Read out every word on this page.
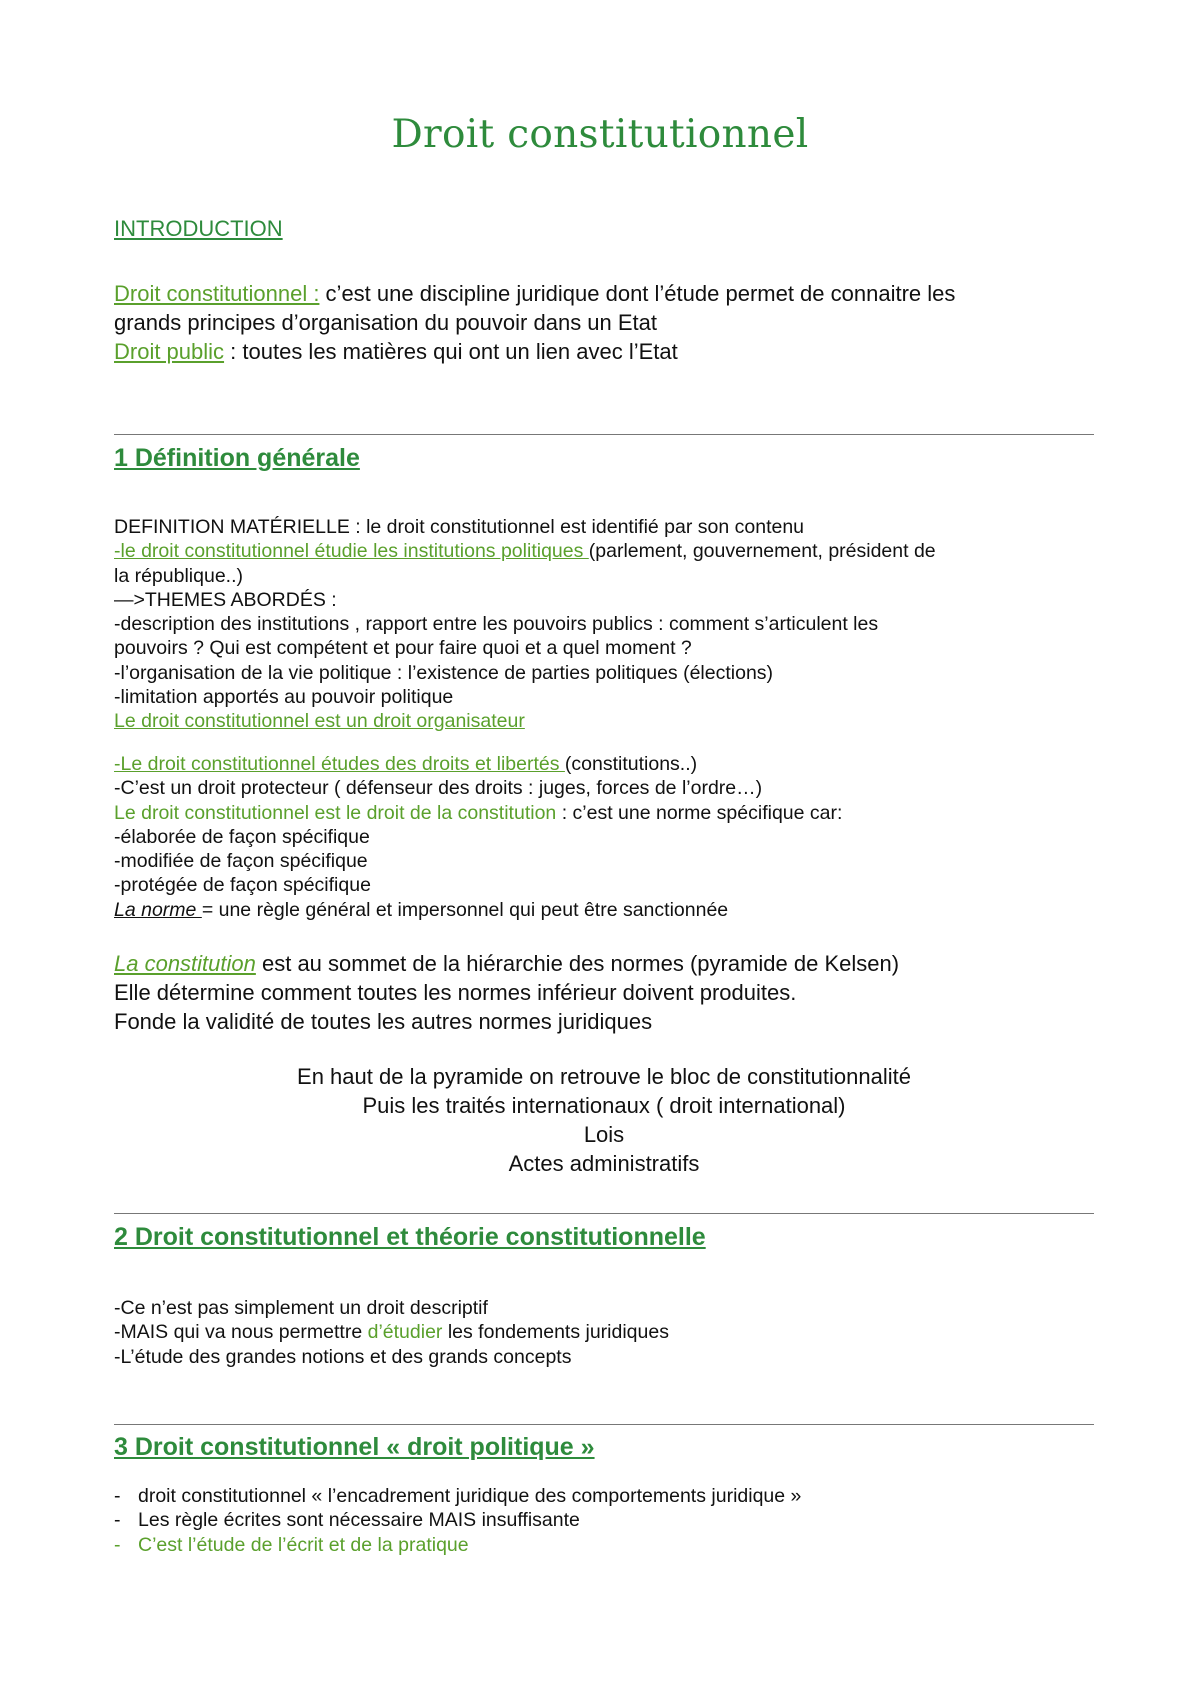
Droit constitutionnel
INTRODUCTION
Droit constitutionnel : c’est une discipline juridique dont l’étude permet de connaitre les
grands principes d’organisation du pouvoir dans un Etat
Droit public : toutes les matières qui ont un lien avec l’Etat
1 Définition générale
DEFINITION MATÉRIELLE : le droit constitutionnel est identifié par son contenu
-le droit constitutionnel étudie les institutions politiques (parlement, gouvernement, président de
la république..)
—>THEMES ABORDÉS :
-description des institutions , rapport entre les pouvoirs publics : comment s’articulent les
pouvoirs ? Qui est compétent et pour faire quoi et a quel moment ?
-l’organisation de la vie politique : l’existence de parties politiques (élections)
-limitation apportés au pouvoir politique
Le droit constitutionnel est un droit organisateur
-Le droit constitutionnel études des droits et libertés (constitutions..)
-C’est un droit protecteur ( défenseur des droits : juges, forces de l’ordre…)
Le droit constitutionnel est le droit de la constitution : c’est une norme spécifique car:
-élaborée de façon spécifique
-modifiée de façon spécifique
-protégée de façon spécifique
La norme = une règle général et impersonnel qui peut être sanctionnée
La constitution est au sommet de la hiérarchie des normes (pyramide de Kelsen)
Elle détermine comment toutes les normes inférieur doivent produites.
Fonde la validité de toutes les autres normes juridiques
En haut de la pyramide on retrouve le bloc de constitutionnalité
Puis les traités internationaux ( droit international)
Lois
Actes administratifs
2 Droit constitutionnel et théorie constitutionnelle
-Ce n’est pas simplement un droit descriptif
-MAIS qui va nous permettre d’étudier les fondements juridiques
-L’étude des grandes notions et des grands concepts
3 Droit constitutionnel « droit politique »
- droit constitutionnel « l’encadrement juridique des comportements juridique »
- Les règle écrites sont nécessaire MAIS insuffisante
- C’est l’étude de l’écrit et de la pratique
